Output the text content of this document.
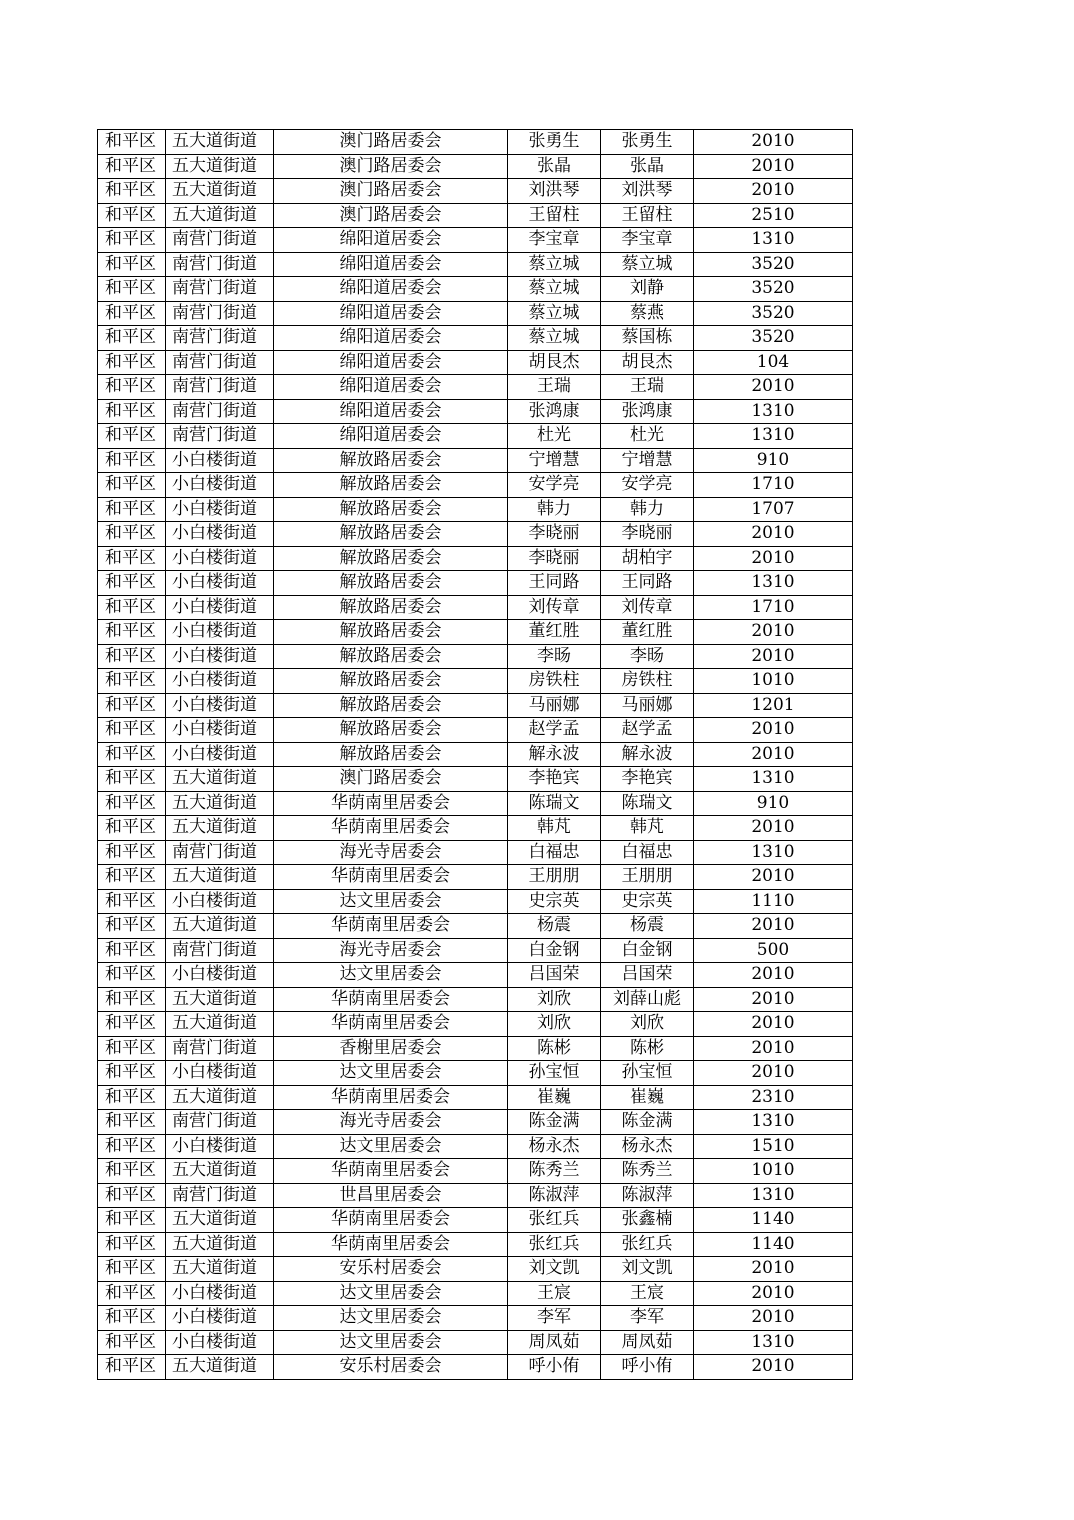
和平区	五大道街道	澳门路居委会	张勇生	张勇生	2010
和平区	五大道街道	澳门路居委会	张晶	张晶	2010
和平区	五大道街道	澳门路居委会	刘洪琴	刘洪琴	2010
和平区	五大道街道	澳门路居委会	王留柱	王留柱	2510
和平区	南营门街道	绵阳道居委会	李宝章	李宝章	1310
和平区	南营门街道	绵阳道居委会	蔡立城	蔡立城	3520
和平区	南营门街道	绵阳道居委会	蔡立城	刘静	3520
和平区	南营门街道	绵阳道居委会	蔡立城	蔡燕	3520
和平区	南营门街道	绵阳道居委会	蔡立城	蔡国栋	3520
和平区	南营门街道	绵阳道居委会	胡艮杰	胡艮杰	104
和平区	南营门街道	绵阳道居委会	王瑞	王瑞	2010
和平区	南营门街道	绵阳道居委会	张鸿康	张鸿康	1310
和平区	南营门街道	绵阳道居委会	杜光	杜光	1310
和平区	小白楼街道	解放路居委会	宁增慧	宁增慧	910
和平区	小白楼街道	解放路居委会	安学亮	安学亮	1710
和平区	小白楼街道	解放路居委会	韩力	韩力	1707
和平区	小白楼街道	解放路居委会	李晓丽	李晓丽	2010
和平区	小白楼街道	解放路居委会	李晓丽	胡柏宇	2010
和平区	小白楼街道	解放路居委会	王同路	王同路	1310
和平区	小白楼街道	解放路居委会	刘传章	刘传章	1710
和平区	小白楼街道	解放路居委会	董红胜	董红胜	2010
和平区	小白楼街道	解放路居委会	李旸	李旸	2010
和平区	小白楼街道	解放路居委会	房铁柱	房铁柱	1010
和平区	小白楼街道	解放路居委会	马丽娜	马丽娜	1201
和平区	小白楼街道	解放路居委会	赵学孟	赵学孟	2010
和平区	小白楼街道	解放路居委会	解永波	解永波	2010
和平区	五大道街道	澳门路居委会	李艳宾	李艳宾	1310
和平区	五大道街道	华荫南里居委会	陈瑞文	陈瑞文	910
和平区	五大道街道	华荫南里居委会	韩芃	韩芃	2010
和平区	南营门街道	海光寺居委会	白福忠	白福忠	1310
和平区	五大道街道	华荫南里居委会	王朋朋	王朋朋	2010
和平区	小白楼街道	达文里居委会	史宗英	史宗英	1110
和平区	五大道街道	华荫南里居委会	杨震	杨震	2010
和平区	南营门街道	海光寺居委会	白金钢	白金钢	500
和平区	小白楼街道	达文里居委会	吕国荣	吕国荣	2010
和平区	五大道街道	华荫南里居委会	刘欣	刘薛山彪	2010
和平区	五大道街道	华荫南里居委会	刘欣	刘欣	2010
和平区	南营门街道	香榭里居委会	陈彬	陈彬	2010
和平区	小白楼街道	达文里居委会	孙宝恒	孙宝恒	2010
和平区	五大道街道	华荫南里居委会	崔巍	崔巍	2310
和平区	南营门街道	海光寺居委会	陈金满	陈金满	1310
和平区	小白楼街道	达文里居委会	杨永杰	杨永杰	1510
和平区	五大道街道	华荫南里居委会	陈秀兰	陈秀兰	1010
和平区	南营门街道	世昌里居委会	陈淑萍	陈淑萍	1310
和平区	五大道街道	华荫南里居委会	张红兵	张鑫楠	1140
和平区	五大道街道	华荫南里居委会	张红兵	张红兵	1140
和平区	五大道街道	安乐村居委会	刘文凯	刘文凯	2010
和平区	小白楼街道	达文里居委会	王宸	王宸	2010
和平区	小白楼街道	达文里居委会	李军	李军	2010
和平区	小白楼街道	达文里居委会	周凤茹	周凤茹	1310
和平区	五大道街道	安乐村居委会	呼小侑	呼小侑	2010
